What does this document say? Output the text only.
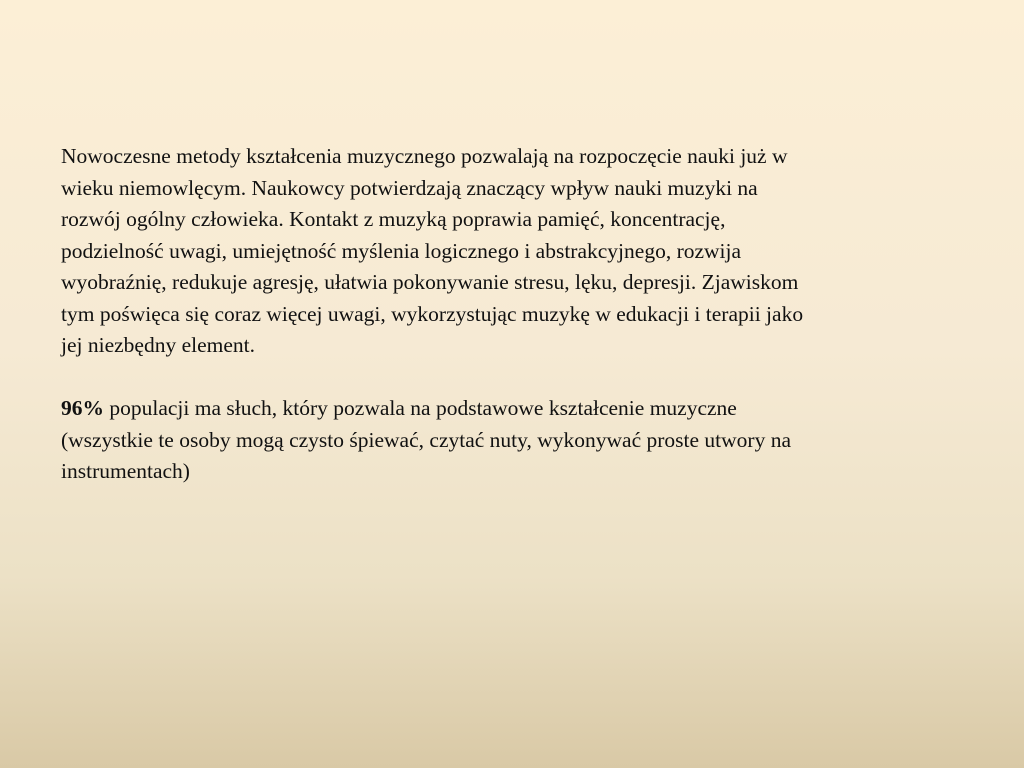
Nowoczesne metody kształcenia muzycznego pozwalają na rozpoczęcie nauki już w
wieku niemowlęcym. Naukowcy potwierdzają znaczący wpływ nauki muzyki na
rozwój ogólny człowieka. Kontakt z muzyką poprawia pamięć, koncentrację,
podzielność uwagi, umiejętność myślenia logicznego i abstrakcyjnego, rozwija
wyobraźnię, redukuje agresję, ułatwia pokonywanie stresu, lęku, depresji. Zjawiskom
tym poświęca się coraz więcej uwagi, wykorzystując muzykę w edukacji i terapii jako
jej niezbędny element.

96% populacji ma słuch, który pozwala na podstawowe kształcenie muzyczne
(wszystkie te osoby mogą czysto śpiewać, czytać nuty, wykonywać proste utwory na
instrumentach)
